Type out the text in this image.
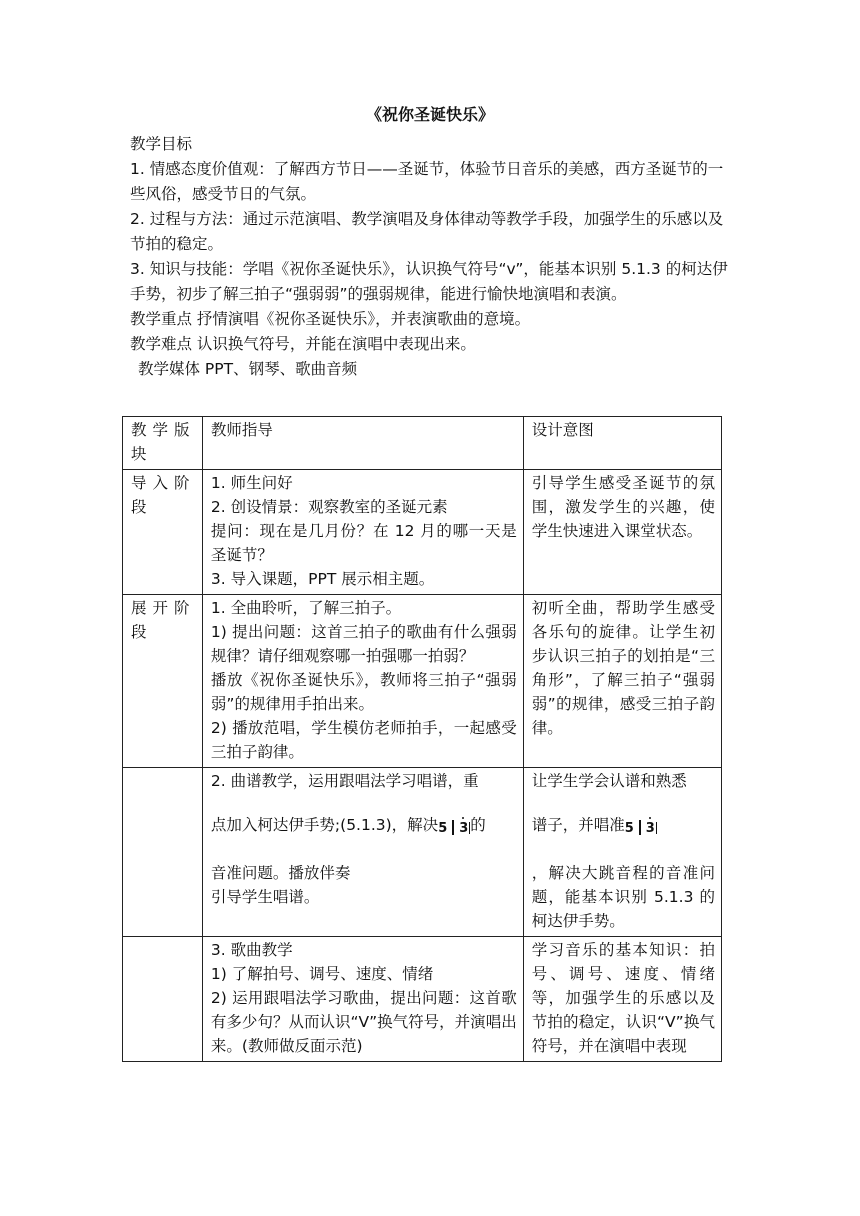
《祝你圣诞快乐》

教学目标

1. 情感态度价值观：了解西方节日——圣诞节，体验节日音乐的美感，西方圣诞节的一些风俗，感受节日的气氛。

2. 过程与方法：通过示范演唱、教学演唱及身体律动等教学手段，加强学生的乐感以及节拍的稳定。

3. 知识与技能：学唱《祝你圣诞快乐》，认识换气符号“v”，能基本识别 5.1.3 的柯达伊手势，初步了解三拍子“强弱弱”的强弱规律，能进行愉快地演唱和表演。

教学重点 抒情演唱《祝你圣诞快乐》，并表演歌曲的意境。

教学难点 认识换气符号，并能在演唱中表现出来。

教学媒体 PPT、钢琴、歌曲音频

教学版块	教师指导	设计意图
导入阶段	1. 师生问好
2. 创设情景：观察教室的圣诞元素
提问：现在是几月份？在 12 月的哪一天是圣诞节？
3. 导入课题，PPT 展示相主题。	引导学生感受圣诞节的氛围，激发学生的兴趣，使学生快速进入课堂状态。
展开阶段	1. 全曲聆听，了解三拍子。
1) 提出问题：这首三拍子的歌曲有什么强弱规律？请仔细观察哪一拍强哪一拍弱？
播放《祝你圣诞快乐》，教师将三拍子“强弱弱”的规律用手拍出来。
2) 播放范唱，学生模仿老师拍手，一起感受三拍子韵律。	初听全曲，帮助学生感受各乐句的旋律。让学生初步认识三拍子的划拍是“三角形”，了解三拍子“强弱弱”的规律，感受三拍子韵律。

	2. 曲谱教学，运用跟唱法学习唱谱，重
点加入柯达伊手势;(5.1.3)，解决5 3 的
音准问题。播放伴奏
引导学生唱谱。	让学生学会认谱和熟悉
谱子，并唱准5 3
，解决大跳音程的音准问题，能基本识别 5.1.3 的柯达伊手势。

	3. 歌曲教学
1) 了解拍号、调号、速度、情绪
2) 运用跟唱法学习歌曲，提出问题：这首歌有多少句？从而认识“V”换气符号，并演唱出来。(教师做反面示范)	学习音乐的基本知识：拍号、调号、速度、情绪等，加强学生的乐感以及节拍的稳定，认识“V”换气符号，并在演唱中表现
